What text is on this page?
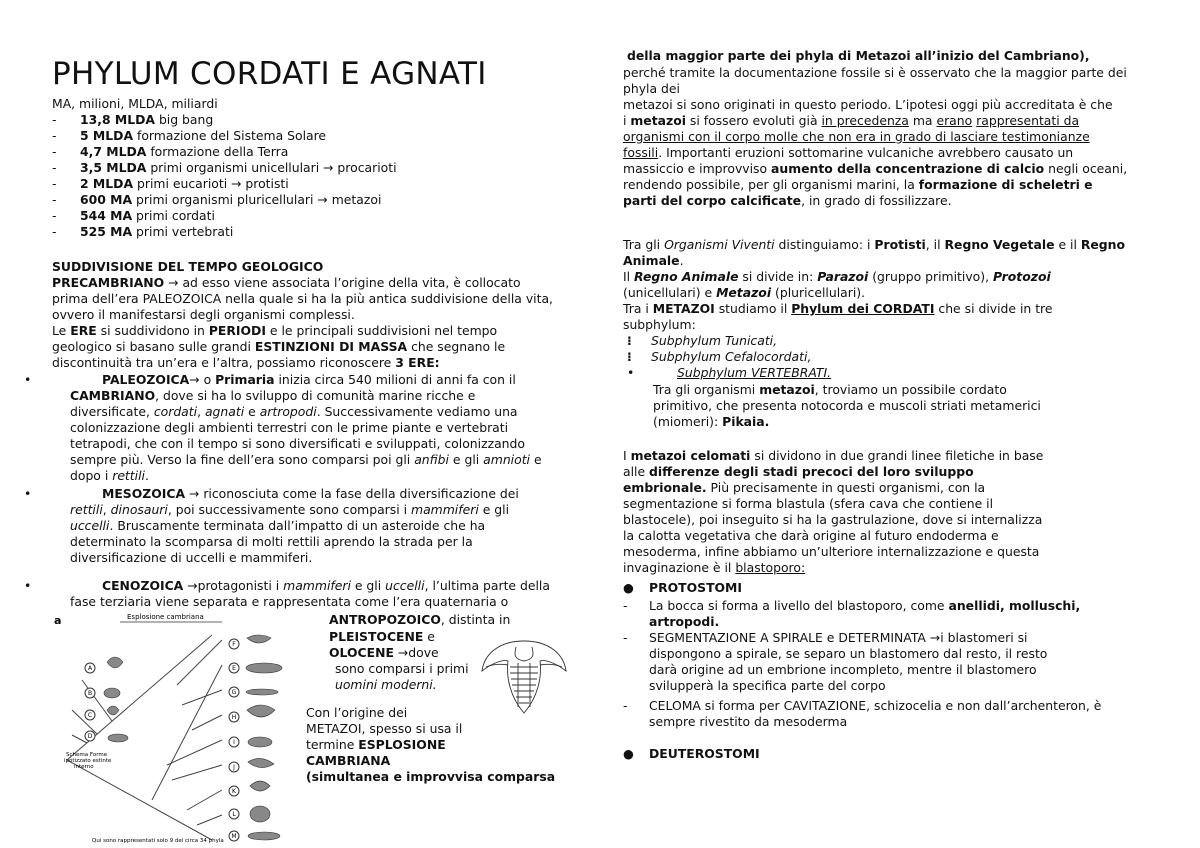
PHYLUM CORDATI E AGNATI
MA, milioni, MLDA, miliardi
- 13,8 MLDA big bang
- 5 MLDA formazione del Sistema Solare
- 4,7 MLDA formazione della Terra
- 3,5 MLDA primi organismi unicellulari → procarioti
- 2 MLDA primi eucarioti → protisti
- 600 MA primi organismi pluricellulari → metazoi
- 544 MA primi cordati
- 525 MA primi vertebrati
SUDDIVISIONE DEL TEMPO GEOLOGICO
PRECAMBRIANO → ad esso viene associata l’origine della vita, è collocato
prima dell’era PALEOZOICA nella quale si ha la più antica suddivisione della vita,
ovvero il manifestarsi degli organismi complessi.
Le ERE si suddividono in PERIODI e le principali suddivisioni nel tempo
geologico si basano sulle grandi ESTINZIONI DI MASSA che segnano le
discontinuità tra un’era e l’altra, possiamo riconoscere 3 ERE:
•	PALEOZOICA→ o Primaria inizia circa 540 milioni di anni fa con il
CAMBRIANO, dove si ha lo sviluppo di comunità marine ricche e
diversificate, cordati, agnati e artropodi. Successivamente vediamo una
colonizzazione degli ambienti terrestri con le prime piante e vertebrati
tetrapodi, che con il tempo si sono diversificati e sviluppati, colonizzando
sempre più. Verso la fine dell’era sono comparsi poi gli anfibi e gli amnioti e
dopo i rettili.
•	MESOZOICA → riconosciuta come la fase della diversificazione dei
rettili, dinosauri, poi successivamente sono comparsi i mammiferi e gli
uccelli. Bruscamente terminata dall’impatto di un asteroide che ha
determinato la scomparsa di molti rettili aprendo la strada per la
diversificazione di uccelli e mammiferi.
•	CENOZOICA →protagonisti i mammiferi e gli uccelli, l’ultima parte della
fase terziaria viene separata e rappresentata come l’era quaternaria o
ANTROPOZOICO, distinta in
PLEISTOCENE e
OLOCENE →dove
sono comparsi i primi
uomini moderni.
Con l’origine dei
METAZOI, spesso si usa il
termine ESPLOSIONE
CAMBRIANA
(simultanea e improvvisa comparsa
a	Esplosione cambriana
F
E
G
H
I
J
K
L
M
A
B
C
D
Schema Forme
ipotizzato estinte
interno
Qui sono rappresentati solo 9 dei circa 34 phyla
della maggior parte dei phyla di Metazoi all’inizio del Cambriano),
perché tramite la documentazione fossile si è osservato che la maggior parte dei
phyla dei
metazoi si sono originati in questo periodo. L’ipotesi oggi più accreditata è che
i metazoi si fossero evoluti già in precedenza ma erano rappresentati da
organismi con il corpo molle che non era in grado di lasciare testimonianze
fossili. Importanti eruzioni sottomarine vulcaniche avrebbero causato un
massiccio e improvviso aumento della concentrazione di calcio negli oceani,
rendendo possibile, per gli organismi marini, la formazione di scheletri e
parti del corpo calcificate, in grado di fossilizzare.
Tra gli Organismi Viventi distinguiamo: i Protisti, il Regno Vegetale e il Regno
Animale.
Il Regno Animale si divide in: Parazoi (gruppo primitivo), Protozoi
(unicellulari) e Metazoi (pluricellulari).
Tra i METAZOI studiamo il Phylum dei CORDATI che si divide in tre
subphylum:
⁝ Subphylum Tunicati,
⁝ Subphylum Cefalocordati,
•	Subphylum VERTEBRATI.
Tra gli organismi metazoi, troviamo un possibile cordato
primitivo, che presenta notocorda e muscoli striati metamerici
(miomeri): Pikaia.
I metazoi celomati si dividono in due grandi linee filetiche in base
alle differenze degli stadi precoci del loro sviluppo
embrionale. Più precisamente in questi organismi, con la
segmentazione si forma blastula (sfera cava che contiene il
blastocele), poi inseguito si ha la gastrulazione, dove si internalizza
la calotta vegetativa che darà origine al futuro endoderma e
mesoderma, infine abbiamo un’ulteriore internalizzazione e questa
invaginazione è il blastoporo:
● PROTOSTOMI
- La bocca si forma a livello del blastoporo, come anellidi, molluschi,
artropodi.
- SEGMENTAZIONE A SPIRALE e DETERMINATA →i blastomeri si
dispongono a spirale, se separo un blastomero dal resto, il resto
darà origine ad un embrione incompleto, mentre il blastomero
svilupperà la specifica parte del corpo
- CELOMA si forma per CAVITAZIONE, schizocelia e non dall’archenteron, è
sempre rivestito da mesoderma
● DEUTEROSTOMI
